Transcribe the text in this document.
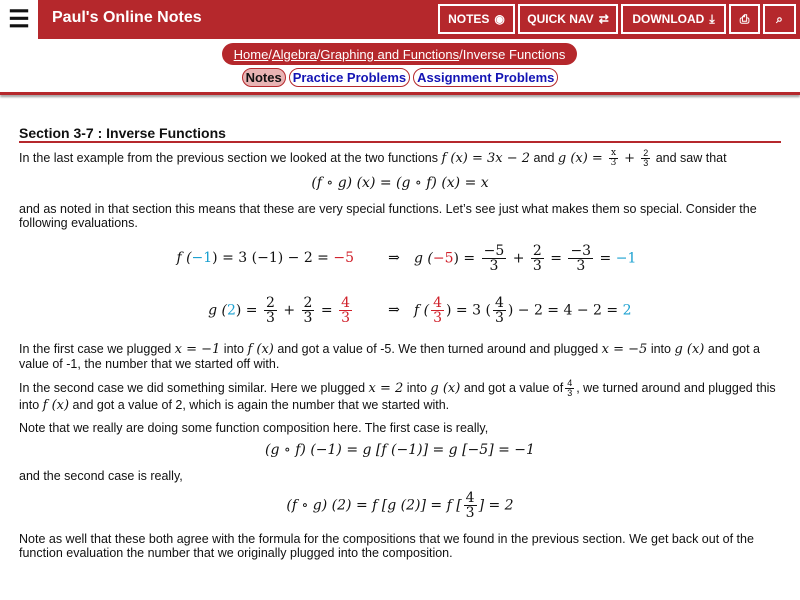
☰	Paul's Online Notes	NOTES ◉ QUICK NAV ⇄ DOWNLOAD ⤓ ⎙ ⌕
Home / Algebra / Graphing and Functions / Inverse Functions
Notes Practice Problems Assignment Problems
Section 3-7 : Inverse Functions

In the last example from the previous section we looked at the two functions f (x) = 3x − 2 and g $(x) = \frac{x}{3} + \frac{2}{3}$ and saw that

(f ∘ g) (x) = (g ∘ f) (x) = x

and as noted in that section this means that these are very special functions. Let’s see just what makes them so special. Consider the following evaluations.

f (−1) = 3 (−1) − 2 = −5	⇒	g $(-5) = \frac{-5}{3} + \frac{2}{3} = \frac{-3}{3} = -1$
g $(2) = \frac{2}{3} + \frac{2}{3} = \frac{4}{3}$	⇒	f ( $\frac{4}{3}$ ) = 3 ( $\frac{4}{3}$ ) − 2 = 4 − 2 = 2

In the first case we plugged x = −1 into f (x) and got a value of -5. We then turned around and plugged x = −5 into g (x) and got a value of -1, the number that we started off with.

In the second case we did something similar. Here we plugged x = 2 into g (x) and got a value of $\frac{4}{3}$ , we turned around and plugged this into f (x) and got a value of 2, which is again the number that we started with.

Note that we really are doing some function composition here. The first case is really,

(g ∘ f) (−1) = g [f (−1)] = g [−5] = −1

and the second case is really,

(f ∘ g) (2) = f [g (2)] = f [ $\frac{4}{3}$ ] = 2

Note as well that these both agree with the formula for the compositions that we found in the previous section. We get back out of the function evaluation the number that we originally plugged into the composition.
